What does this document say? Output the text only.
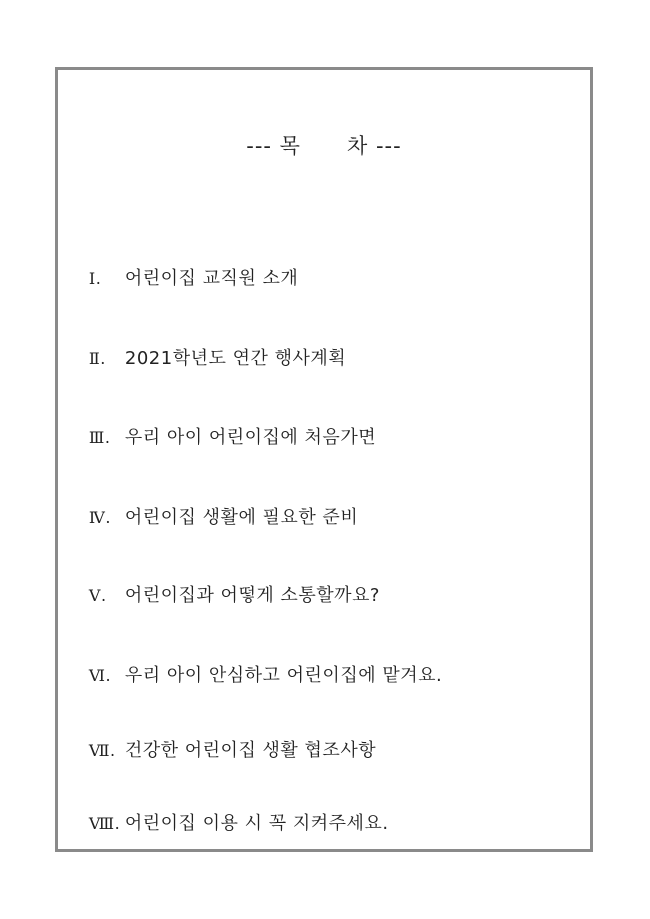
--- 목      차 ---

Ⅰ. 어린이집 교직원 소개

Ⅱ. 2021학년도 연간 행사계획

Ⅲ. 우리 아이 어린이집에 처음가면

Ⅳ. 어린이집 생활에 필요한 준비

Ⅴ. 어린이집과 어떻게 소통할까요?

Ⅵ. 우리 아이 안심하고 어린이집에 맡겨요.

Ⅶ. 건강한 어린이집 생활 협조사항

Ⅷ. 어린이집 이용 시 꼭 지켜주세요.
